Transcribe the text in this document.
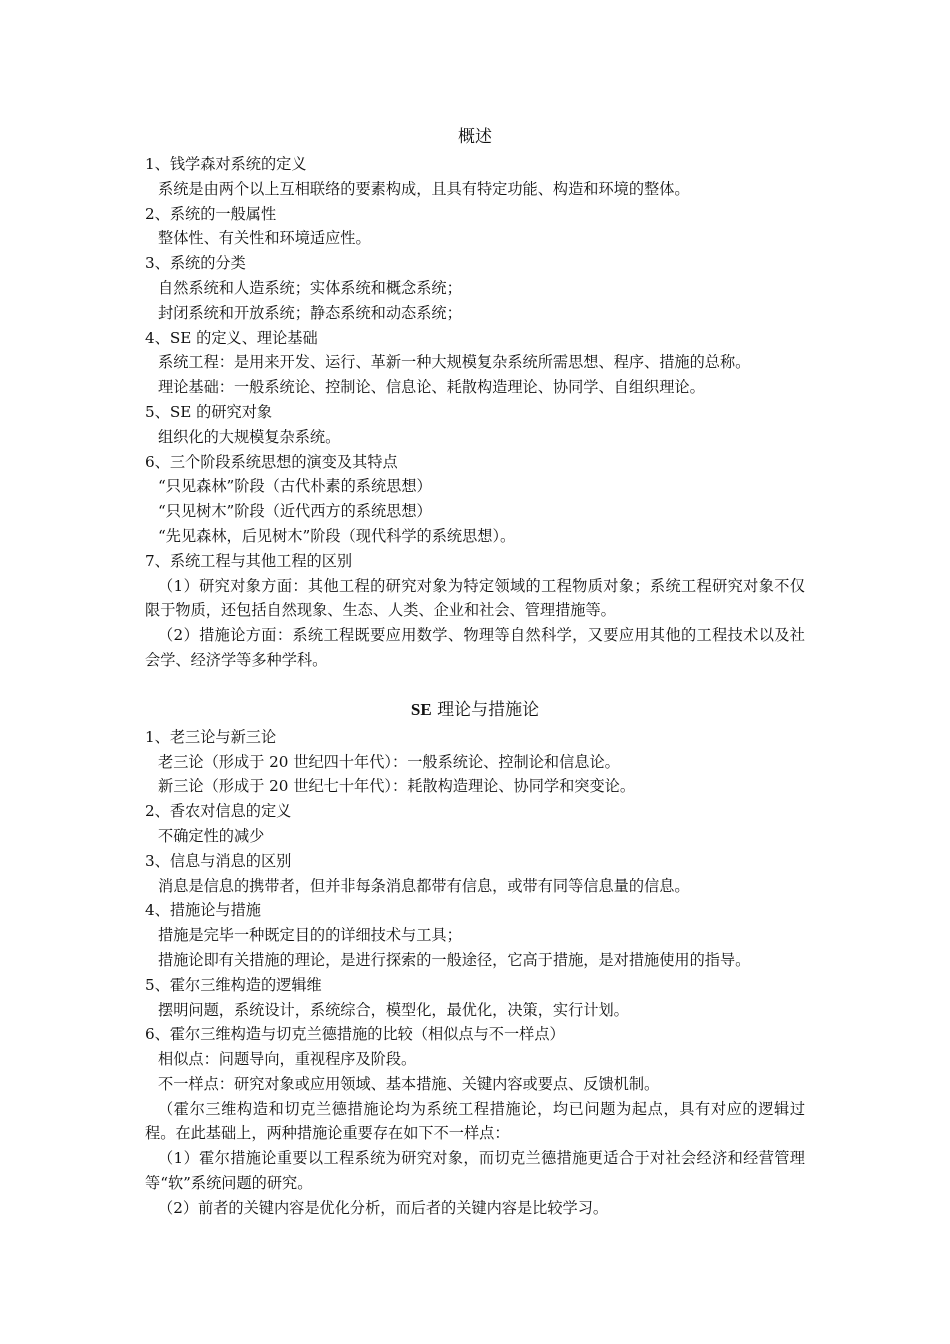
概述
1、钱学森对系统的定义
系统是由两个以上互相联络的要素构成，且具有特定功能、构造和环境的整体。
2、系统的一般属性
整体性、有关性和环境适应性。
3、系统的分类
自然系统和人造系统；实体系统和概念系统；
封闭系统和开放系统；静态系统和动态系统；
4、SE 的定义、理论基础
系统工程：是用来开发、运行、革新一种大规模复杂系统所需思想、程序、措施的总称。
理论基础：一般系统论、控制论、信息论、耗散构造理论、协同学、自组织理论。
5、SE 的研究对象
组织化的大规模复杂系统。
6、三个阶段系统思想的演变及其特点
“只见森林”阶段（古代朴素的系统思想）
“只见树木”阶段（近代西方的系统思想）
“先见森林，后见树木”阶段（现代科学的系统思想）。
7、系统工程与其他工程的区别
（1）研究对象方面：其他工程的研究对象为特定领域的工程物质对象；系统工程研究对象不仅限于物质，还包括自然现象、生态、人类、企业和社会、管理措施等。
（2）措施论方面：系统工程既要应用数学、物理等自然科学，又要应用其他的工程技术以及社会学、经济学等多种学科。
SE 理论与措施论
1、老三论与新三论
老三论（形成于 20 世纪四十年代）：一般系统论、控制论和信息论。
新三论（形成于 20 世纪七十年代）：耗散构造理论、协同学和突变论。
2、香农对信息的定义
不确定性的减少
3、信息与消息的区别
消息是信息的携带者，但并非每条消息都带有信息，或带有同等信息量的信息。
4、措施论与措施
措施是完毕一种既定目的的详细技术与工具；
措施论即有关措施的理论，是进行探索的一般途径，它高于措施，是对措施使用的指导。
5、霍尔三维构造的逻辑维
摆明问题，系统设计，系统综合，模型化，最优化，决策，实行计划。
6、霍尔三维构造与切克兰德措施的比较（相似点与不一样点）
相似点：问题导向，重视程序及阶段。
不一样点：研究对象或应用领域、基本措施、关键内容或要点、反馈机制。
（霍尔三维构造和切克兰德措施论均为系统工程措施论，均已问题为起点，具有对应的逻辑过程。在此基础上，两种措施论重要存在如下不一样点：
（1）霍尔措施论重要以工程系统为研究对象，而切克兰德措施更适合于对社会经济和经营管理等“软”系统问题的研究。
（2）前者的关键内容是优化分析，而后者的关键内容是比较学习。
